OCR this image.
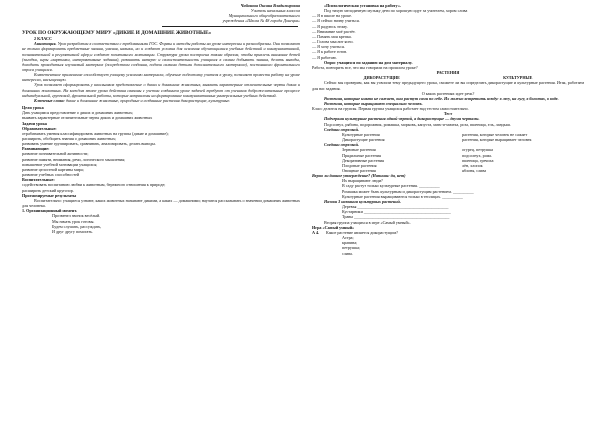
Чабанова Оксана Владимировна
Учитель начальных классов
Муниципального общеобразовательного
учреждения «Школа № 48 города Донецка»
УРОК ПО ОКРУЖАЮЩЕМУ МИРУ «ДИКИЕ И ДОМАШНИЕ ЖИВОТНЫЕ»
2 КЛАСС
Аннотация. Урок разработан в соответствии с требованиями ГОС. Формы и методы работы на уроке интересны и разнообразны. Они позволяют не только формировать предметные знания, умения, навыки, но и создают условия для освоения обучающимися учебных действий и коммуникативной, познавательной и регулятивной сфер,и создают позитивного мотивации. Структура урока построена таким образом, чтобы привлечь внимание детей (загадки, игры «картинки, интерактивные задания), развивать интерес и самостоятельность учащихся к самим добывать знания, делать выводы, доводить проводиться изучаемый материал (посредством создания, подачи самими детьми дополнительного материала), постоянного фронтального опроса учащихся.
Компетентное применение способствует учащему усвоению материала, обучение подготовку учителя к уроку, позволяет провести работу на уроке интересно, насыщенную.
Урок позволяет сформировать у школьников представление о диких и домашних животных, выявить характерные отличительные черты диких и домашних животных. На каждом этапе урока действия связаны с учетом созданием уроке задачей требуют от учеников доброжелательные процессе индивидуальной, групповой, фронтальной работы, которые направлены на формирование коммуникативных универсальных учебных действий.
Ключевые слова: дикие и домашние животные, природные и созданные растения дикорастущие, культурные.
Цели урока
Дать учащимся представление о диких и домашних животных;
выявить характерные отличительные черты диких и домашних животных
Задачи урока
Образовательные:
отрабатывать умения классифицировать животных на группы (дикие и домашние);
расширить, обобщить знания о домашних животных;
развивать умение группировать, сравнивать, анализировать, делать выводы.
Развивающие:
развитие познавательной активности;
развитие памяти, внимания, речи, логического мышления;
повышение учебной мотивации учащихся;
развитие целостной картины мира;
развитие учебных способностей
Воспитательные:
содействовать воспитанию любви к животным, бережного отношения к природе;
расширить детский кругозор.
Прогнозируемые результаты
Воспитательно: учащиеся узнают, каких животных называют дикими, а каких — домашними; научатся рассказывать о значении домашних животных для человека.
1. Организационный момент.
Прозвенел звонок весёлый.
Мы начать урок готовы.
Будем слушать, рассуждать,
И друг другу помогать.
«Психологическая установка на работу».
Под тихую мелодичную музыку дети по хорошую идут за учителем, хором слова
— Я в школе на уроке.
— Я сейчас начну учиться.
— Я радуюсь этому.
— Внимание моё растёт.
— Память моя крепка.
— Голова мыслит ясно.
— Я хочу учиться.
— Я к работе готов.
— Я работаю.
Опрос учащихся по заданию на дом материалу.
Работа, повторить все, что мы говорили на прошлом уроке?
РАСТЕНИЯ
ДИКОРАСТУЩИЕ	КУЛЬТУРНЫЕ
Сейчас мы проверим, как вы усвоили тему предыдущего урока, сможете ли вы определить дикорастущие и культурные растения. Итак, работаем для вас задания.
О каких растениях идет речь?
Растения, которые никто не сажает, они растут сами по себе. Их можно встретить всюду: в лесу, на лугу, в болотах, в воде.
Растения, которые выращивает специально человек.
Класс делится на группы. Первая группа учащихся работает над тестом самостоятельно.
Тест
Подчеркни культурные растения одной чертой, а дикорастущие — двумя чертами.
Подсолнух, рябина, подорожник, ромашка, морковь, капуста, мать-и-мачеха, роза, пшеница, ель, ландыш.
Соедини стрелкой.
Культурные растения	растения, которые человек не сажает
Дикорастущие растения	растения, которые выращивает человек
Соедини стрелкой.
Зерновые растения	огурец, петрушка
Прядильные растения	подсолнух, рожь
Декоративные растения	пшеница, гречиха
Плодовые растения	лён, хлопок
Овощные растения	яблоня, слива
Верно ли данное утверждение? (Напиши: да, нет)
Их выращивают люди?
В саду растут только культурные растения. __________
Ромашка может быть культурным и дикорастущим растением. __________
Культурные растения выращиваются только в теплицах. __________
Назови 3 названия культурных растений.
Деревья ____________________________________________
Кустарники __________________________________________
Травы ______________________________________________
Вторая группа учащихся в игре «Самый умный».
Игра «Самый умный»
А 4.	Какое растение является дикорастущим?
Астра;
крапива;
петрушка;
слива.
